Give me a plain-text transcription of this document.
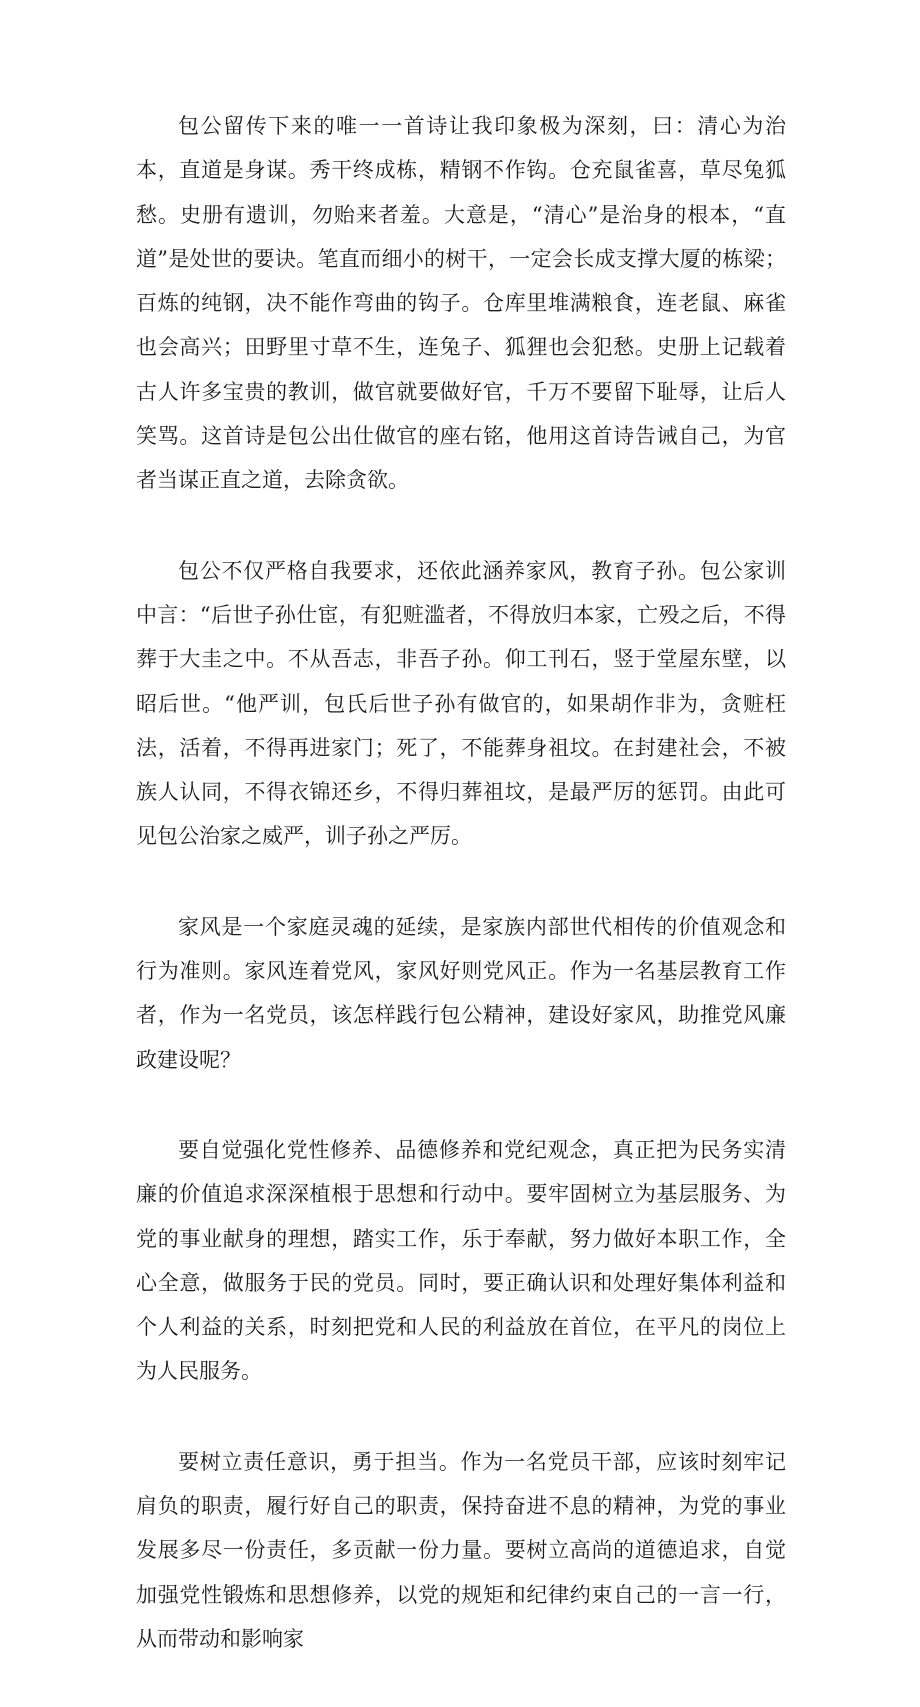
包公留传下来的唯一一首诗让我印象极为深刻，曰：清心为治本，直道是身谋。秀干终成栋，精钢不作钩。仓充鼠雀喜，草尽兔狐愁。史册有遗训，勿贻来者羞。大意是，“清心”是治身的根本，“直道”是处世的要诀。笔直而细小的树干，一定会长成支撑大厦的栋梁；百炼的纯钢，决不能作弯曲的钩子。仓库里堆满粮食，连老鼠、麻雀也会高兴；田野里寸草不生，连兔子、狐狸也会犯愁。史册上记载着古人许多宝贵的教训，做官就要做好官，千万不要留下耻辱，让后人笑骂。这首诗是包公出仕做官的座右铭，他用这首诗告诫自己，为官者当谋正直之道，去除贪欲。

包公不仅严格自我要求，还依此涵养家风，教育子孙。包公家训中言：“后世子孙仕宦，有犯赃滥者，不得放归本家，亡殁之后，不得葬于大圭之中。不从吾志，非吾子孙。仰工刊石，竖于堂屋东壁，以昭后世。“他严训，包氏后世子孙有做官的，如果胡作非为，贪赃枉法，活着，不得再进家门；死了，不能葬身祖坟。在封建社会，不被族人认同，不得衣锦还乡，不得归葬祖坟，是最严厉的惩罚。由此可见包公治家之威严，训子孙之严厉。

家风是一个家庭灵魂的延续，是家族内部世代相传的价值观念和行为准则。家风连着党风，家风好则党风正。作为一名基层教育工作者，作为一名党员，该怎样践行包公精神，建设好家风，助推党风廉政建设呢？

要自觉强化党性修养、品德修养和党纪观念，真正把为民务实清廉的价值追求深深植根于思想和行动中。要牢固树立为基层服务、为党的事业献身的理想，踏实工作，乐于奉献，努力做好本职工作，全心全意，做服务于民的党员。同时，要正确认识和处理好集体利益和个人利益的关系，时刻把党和人民的利益放在首位，在平凡的岗位上为人民服务。

要树立责任意识，勇于担当。作为一名党员干部，应该时刻牢记肩负的职责，履行好自己的职责，保持奋进不息的精神，为党的事业发展多尽一份责任，多贡献一份力量。要树立高尚的道德追求，自觉加强党性锻炼和思想修养，以党的规矩和纪律约束自己的一言一行，从而带动和影响家
